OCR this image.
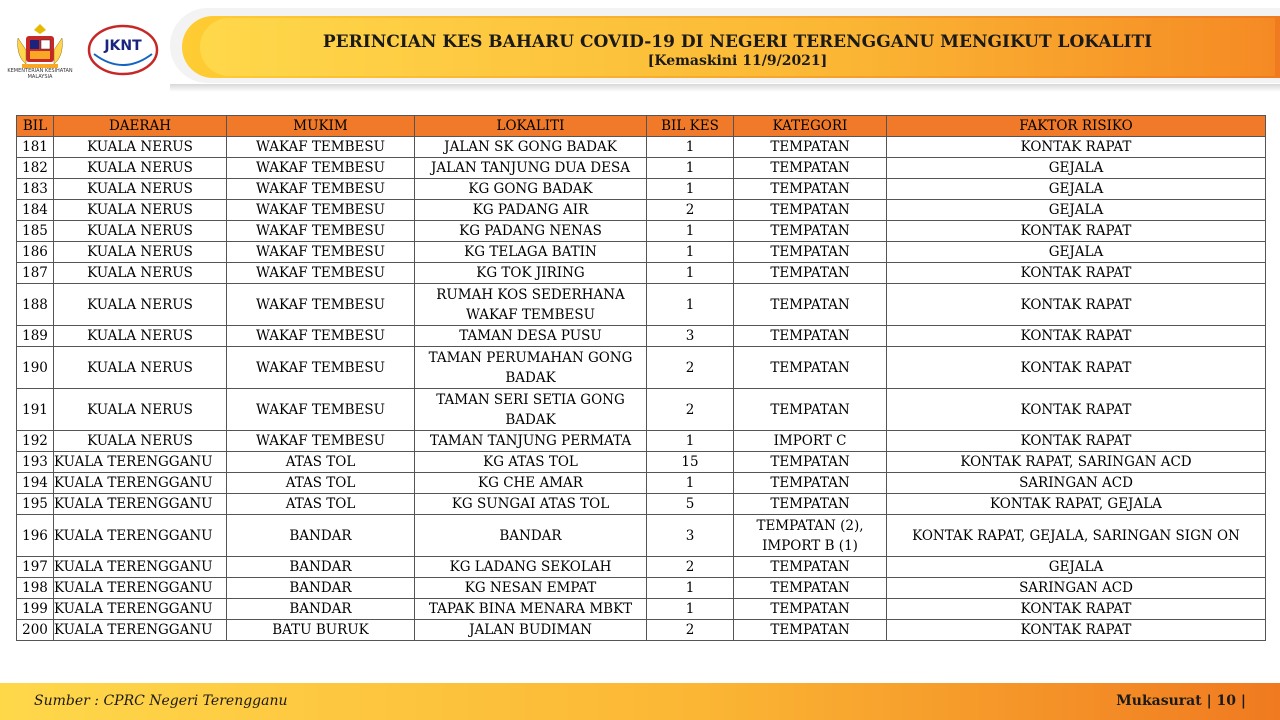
PERINCIAN KES BAHARU COVID-19 DI NEGERI TERENGGANU MENGIKUT LOKALITI
[Kemaskini 11/9/2021]
KEMENTERIAN KESIHATAN MALAYSIA
JKNT
BIL	DAERAH	MUKIM	LOKALITI	BIL KES	KATEGORI	FAKTOR RISIKO
181	KUALA NERUS	WAKAF TEMBESU	JALAN SK GONG BADAK	1	TEMPATAN	KONTAK RAPAT
182	KUALA NERUS	WAKAF TEMBESU	JALAN TANJUNG DUA DESA	1	TEMPATAN	GEJALA
183	KUALA NERUS	WAKAF TEMBESU	KG GONG BADAK	1	TEMPATAN	GEJALA
184	KUALA NERUS	WAKAF TEMBESU	KG PADANG AIR	2	TEMPATAN	GEJALA
185	KUALA NERUS	WAKAF TEMBESU	KG PADANG NENAS	1	TEMPATAN	KONTAK RAPAT
186	KUALA NERUS	WAKAF TEMBESU	KG TELAGA BATIN	1	TEMPATAN	GEJALA
187	KUALA NERUS	WAKAF TEMBESU	KG TOK JIRING	1	TEMPATAN	KONTAK RAPAT
188	KUALA NERUS	WAKAF TEMBESU	RUMAH KOS SEDERHANA
WAKAF TEMBESU	1	TEMPATAN	KONTAK RAPAT
189	KUALA NERUS	WAKAF TEMBESU	TAMAN DESA PUSU	3	TEMPATAN	KONTAK RAPAT
190	KUALA NERUS	WAKAF TEMBESU	TAMAN PERUMAHAN GONG
BADAK	2	TEMPATAN	KONTAK RAPAT
191	KUALA NERUS	WAKAF TEMBESU	TAMAN SERI SETIA GONG
BADAK	2	TEMPATAN	KONTAK RAPAT
192	KUALA NERUS	WAKAF TEMBESU	TAMAN TANJUNG PERMATA	1	IMPORT C	KONTAK RAPAT
193	KUALA TERENGGANU	ATAS TOL	KG ATAS TOL	15	TEMPATAN	KONTAK RAPAT, SARINGAN ACD
194	KUALA TERENGGANU	ATAS TOL	KG CHE AMAR	1	TEMPATAN	SARINGAN ACD
195	KUALA TERENGGANU	ATAS TOL	KG SUNGAI ATAS TOL	5	TEMPATAN	KONTAK RAPAT, GEJALA
196	KUALA TERENGGANU	BANDAR	BANDAR	3	TEMPATAN (2),
IMPORT B (1)	KONTAK RAPAT, GEJALA, SARINGAN SIGN ON
197	KUALA TERENGGANU	BANDAR	KG LADANG SEKOLAH	2	TEMPATAN	GEJALA
198	KUALA TERENGGANU	BANDAR	KG NESAN EMPAT	1	TEMPATAN	SARINGAN ACD
199	KUALA TERENGGANU	BANDAR	TAPAK BINA MENARA MBKT	1	TEMPATAN	KONTAK RAPAT
200	KUALA TERENGGANU	BATU BURUK	JALAN BUDIMAN	2	TEMPATAN	KONTAK RAPAT
Sumber : CPRC Negeri Terengganu	Mukasurat | 10 |
